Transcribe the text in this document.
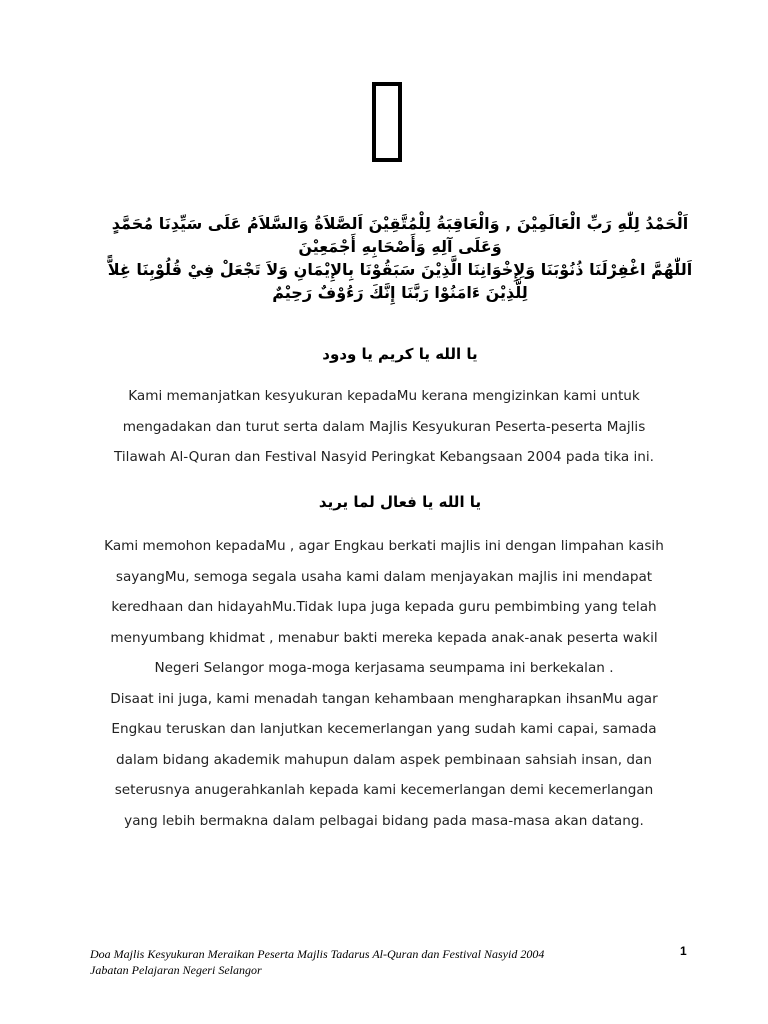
اَلْحَمْدُ لِلّٰهِ رَبِّ الْعَالَمِيْنَ , وَالْعَاقِبَةُ لِلْمُتَّقِيْنَ اَلصَّلاَةُ وَالسَّلاَمُ عَلَى سَيِّدِنَا مُحَمَّدٍ وَعَلَى آلِهِ وَأَصْحَابِهِ أَجْمَعِيْنَ

اَللّٰهُمَّ اغْفِرْلَنَا ذُنُوْبَنَا وَلِإِخْوَانِنَا الَّذِيْنَ سَبَقُوْنَا بِالإِيْمَانِ وَلاَ تَجْعَلْ فِيْ قُلُوْبِنَا غِلاًّ لِلَّذِيْنَ ءَامَنُوْا رَبَّنَا إِنَّكَ رَءُوْفٌ رَحِيْمٌ

يا الله يا كريم يا ودود

Kami memanjatkan kesyukuran kepadaMu kerana mengizinkan kami untuk

mengadakan dan turut serta dalam Majlis Kesyukuran Peserta-peserta Majlis

Tilawah Al-Quran dan Festival Nasyid Peringkat Kebangsaan 2004 pada tika ini.

يا الله يا فعال لما يريد

Kami memohon kepadaMu , agar Engkau berkati majlis ini dengan limpahan kasih

sayangMu, semoga segala usaha kami dalam menjayakan majlis ini mendapat

keredhaan dan hidayahMu.Tidak lupa juga kepada guru pembimbing yang telah

menyumbang khidmat , menabur bakti mereka kepada anak-anak peserta wakil

Negeri Selangor moga-moga kerjasama seumpama ini berkekalan .

Disaat ini juga, kami menadah tangan kehambaan mengharapkan ihsanMu agar

Engkau teruskan dan lanjutkan kecemerlangan yang sudah kami capai, samada

dalam bidang akademik mahupun dalam aspek pembinaan sahsiah insan, dan

seterusnya anugerahkanlah kepada kami kecemerlangan demi kecemerlangan

yang lebih bermakna dalam pelbagai bidang pada masa-masa akan datang.

Doa Majlis Kesyukuran Meraikan Peserta Majlis Tadarus Al-Quran dan Festival Nasyid 2004
Jabatan Pelajaran Negeri Selangor
1
